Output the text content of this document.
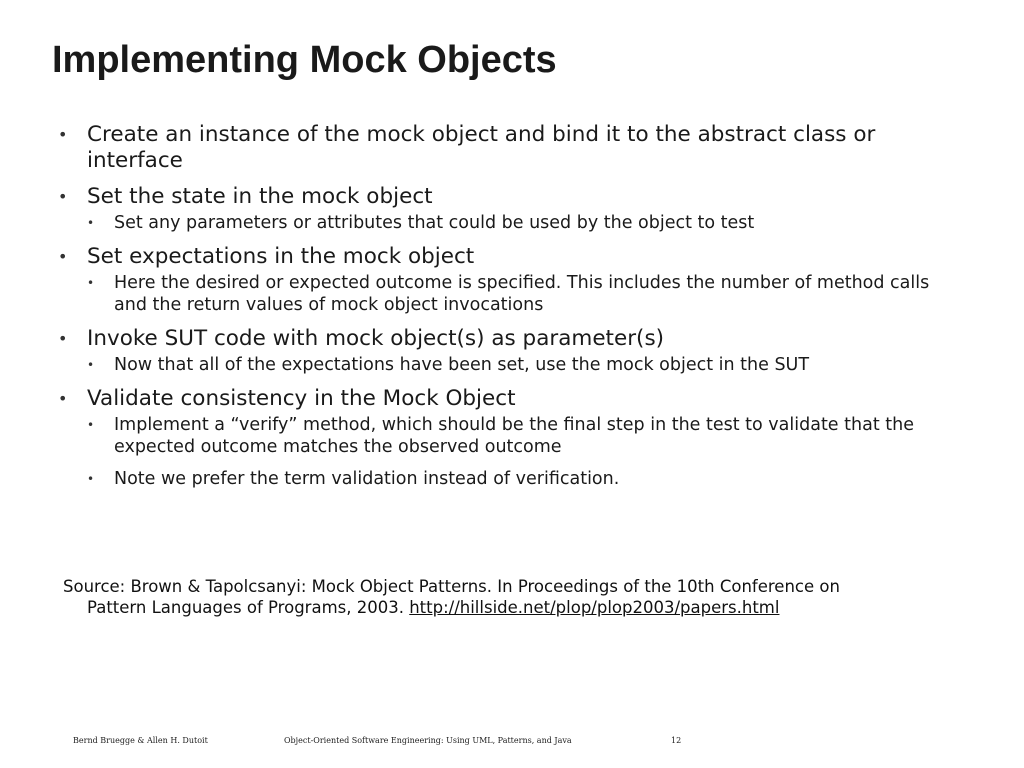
Implementing Mock Objects
• Create an instance of the mock object and bind it to the abstract class or interface
• Set the state in the mock object
• Set any parameters or attributes that could be used by the object to test
• Set expectations in the mock object
• Here the desired or expected outcome is specified. This includes the number of method calls and the return values of mock object invocations
• Invoke SUT code with mock object(s) as parameter(s)
• Now that all of the expectations have been set, use the mock object in the SUT
• Validate consistency in the Mock Object
• Implement a “verify” method, which should be the final step in the test to validate that the expected outcome matches the observed outcome
• Note we prefer the term validation instead of verification.

Source: Brown & Tapolcsanyi: Mock Object Patterns. In Proceedings of the 10th Conference on
Pattern Languages of Programs, 2003. http://hillside.net/plop/plop2003/papers.html

Bernd Bruegge & Allen H. Dutoit	Object-Oriented Software Engineering: Using UML, Patterns, and Java	12
